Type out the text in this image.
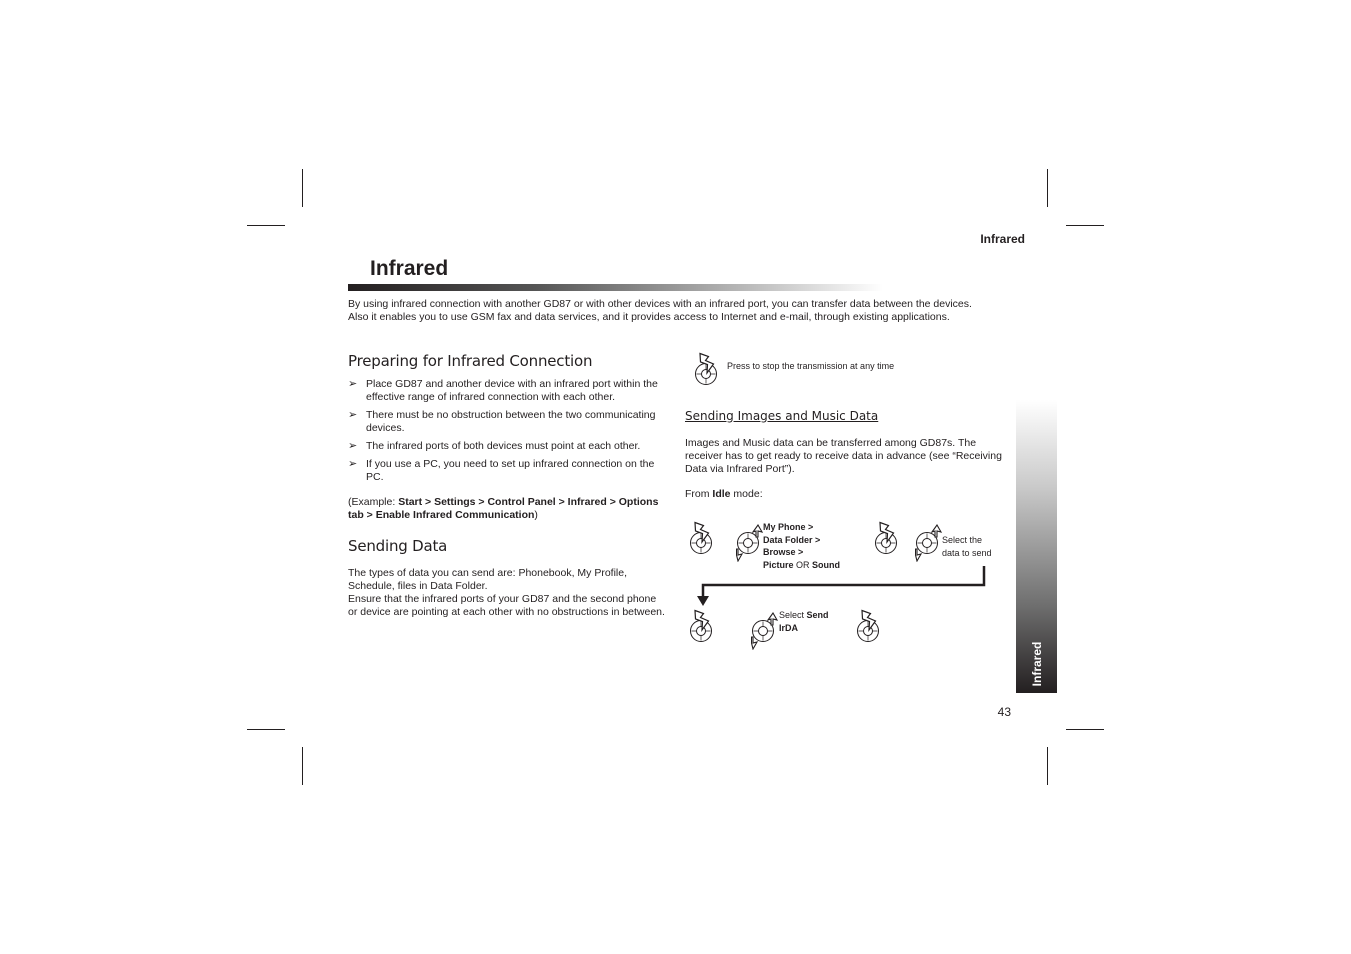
Infrared
Infrared

By using infrared connection with another GD87 or with other devices with an infrared port, you can transfer data between the devices. Also it enables you to use GSM fax and data services, and it provides access to Internet and e-mail, through existing applications.

Preparing for Infrared Connection
➢ Place GD87 and another device with an infrared port within the effective range of infrared connection with each other.
➢ There must be no obstruction between the two communicating devices.
➢ The infrared ports of both devices must point at each other.
➢ If you use a PC, you need to set up infrared connection on the PC.

(Example: Start > Settings > Control Panel > Infrared > Options tab > Enable Infrared Communication)

Sending Data
The types of data you can send are: Phonebook, My Profile, Schedule, files in Data Folder.
Ensure that the infrared ports of your GD87 and the second phone or device are pointing at each other with no obstructions in between.
Press to stop the transmission at any time
Sending Images and Music Data

Images and Music data can be transferred among GD87s. The receiver has to get ready to receive data in advance (see “Receiving Data via Infrared Port”).

From Idle mode:

My Phone >
Data Folder >
Browse >
Picture OR Sound
Select the
data to send
Select Send
IrDA
Infrared
43
